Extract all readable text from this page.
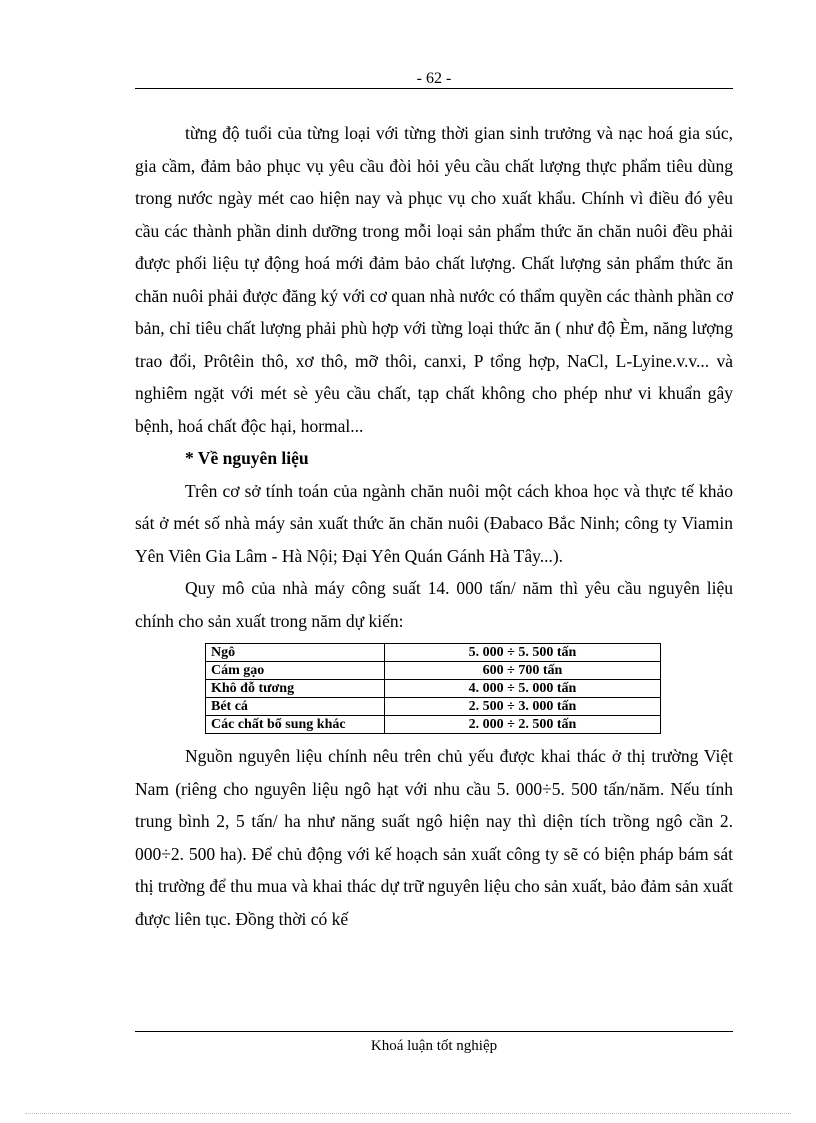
- 62 -

từng độ tuổi của từng loại với từng thời gian sinh trưởng và nạc hoá gia súc, gia cầm, đảm bảo phục vụ yêu cầu đòi hỏi yêu cầu chất lượng thực phẩm tiêu dùng trong nước ngày mét cao hiện nay và phục vụ cho xuất khẩu. Chính vì điều đó yêu cầu các thành phần dinh dưỡng trong mỗi loại sản phẩm thức ăn chăn nuôi đều phải được phối liệu tự động hoá mới đảm bảo chất lượng. Chất lượng sản phẩm thức ăn chăn nuôi phải được đăng ký với cơ quan nhà nước có thẩm quyền các thành phần cơ bản, chỉ tiêu chất lượng phải phù hợp với từng loại thức ăn ( như độ Èm, năng lượng trao đổi, Prôtêin thô, xơ thô, mỡ thôi, canxi, P tổng hợp, NaCl, L-Lyine.v.v... và nghiêm ngặt với mét sè yêu cầu chất, tạp chất không cho phép như vi khuẩn gây bệnh, hoá chất độc hại, hormal...

* Về nguyên liệu

Trên cơ sở tính toán của ngành chăn nuôi một cách khoa học và thực tế khảo sát ở mét số nhà máy sản xuất thức ăn chăn nuôi (Đabaco Bắc Ninh; công ty Viamin Yên Viên Gia Lâm - Hà Nội; Đại Yên Quán Gánh Hà Tây...).

Quy mô của nhà máy công suất 14. 000 tấn/ năm thì yêu cầu nguyên liệu chính cho sản xuất trong năm dự kiến:

Ngô	5. 000 ÷ 5. 500 tấn
Cám gạo	600 ÷ 700 tấn
Khô đỗ tương	4. 000 ÷ 5. 000 tấn
Bét cá	2. 500 ÷ 3. 000 tấn
Các chất bổ sung khác	2. 000 ÷ 2. 500 tấn

Nguồn nguyên liệu chính nêu trên chủ yếu được khai thác ở thị trường Việt Nam (riêng cho nguyên liệu ngô hạt với nhu cầu 5. 000÷5. 500 tấn/năm. Nếu tính trung bình 2, 5 tấn/ ha như năng suất ngô hiện nay thì diện tích trồng ngô cần 2. 000÷2. 500 ha). Để chủ động với kế hoạch sản xuất công ty sẽ có biện pháp bám sát thị trường để thu mua và khai thác dự trữ nguyên liệu cho sản xuất, bảo đảm sản xuất được liên tục. Đồng thời có kế

Khoá luận tốt nghiệp
